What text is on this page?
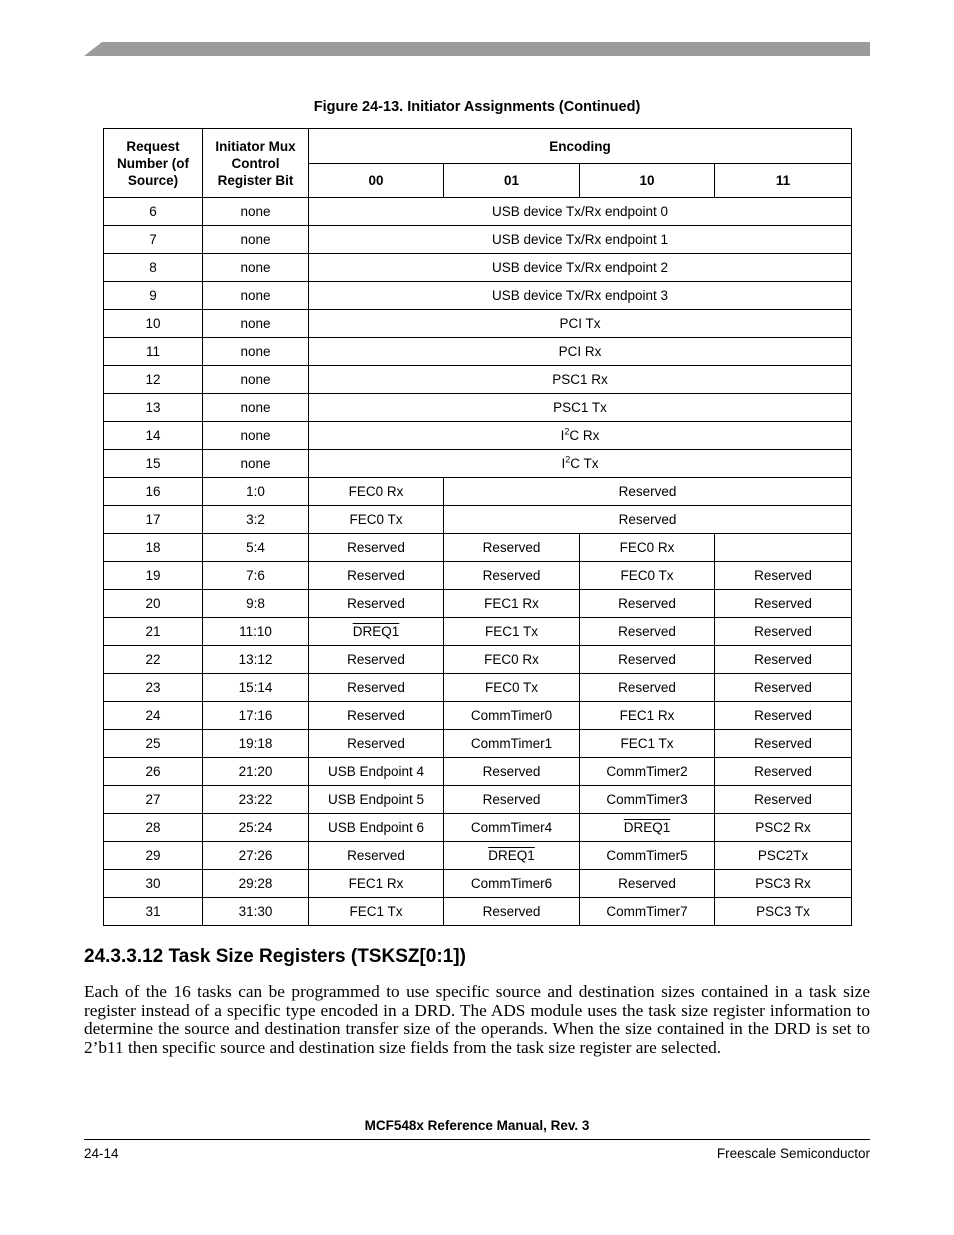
Figure 24-13. Initiator Assignments (Continued)
Request Number (of Source)	Initiator Mux Control Register Bit	Encoding			
		00	01	10	11
6	none	USB device Tx/Rx endpoint 0			
7	none	USB device Tx/Rx endpoint 1			
8	none	USB device Tx/Rx endpoint 2			
9	none	USB device Tx/Rx endpoint 3			
10	none	PCI Tx			
11	none	PCI Rx			
12	none	PSC1 Rx			
13	none	PSC1 Tx			
14	none	$I^2C$ Rx			
15	none	$I^2C$ Tx			
16	1:0	FEC0 Rx	Reserved		
17	3:2	FEC0 Tx	Reserved		
18	5:4	Reserved	Reserved	FEC0 Rx	
19	7:6	Reserved	Reserved	FEC0 Tx	Reserved
20	9:8	Reserved	FEC1 Rx	Reserved	Reserved
21	11:10	DREQ1	FEC1 Tx	Reserved	Reserved
22	13:12	Reserved	FEC0 Rx	Reserved	Reserved
23	15:14	Reserved	FEC0 Tx	Reserved	Reserved
24	17:16	Reserved	CommTimer0	FEC1 Rx	Reserved
25	19:18	Reserved	CommTimer1	FEC1 Tx	Reserved
26	21:20	USB Endpoint 4	Reserved	CommTimer2	Reserved
27	23:22	USB Endpoint 5	Reserved	CommTimer3	Reserved
28	25:24	USB Endpoint 6	CommTimer4	DREQ1	PSC2 Rx
29	27:26	Reserved	DREQ1	CommTimer5	PSC2Tx
30	29:28	FEC1 Rx	CommTimer6	Reserved	PSC3 Rx
31	31:30	FEC1 Tx	Reserved	CommTimer7	PSC3 Tx
24.3.3.12 Task Size Registers (TSKSZ[0:1])
Each of the 16 tasks can be programmed to use specific source and destination sizes contained in a task size register instead of a specific type encoded in a DRD. The ADS module uses the task size register information to determine the source and destination transfer size of the operands. When the size contained in the DRD is set to 2’b11 then specific source and destination size fields from the task size register are selected.
MCF548x Reference Manual, Rev. 3
24-14	Freescale Semiconductor
